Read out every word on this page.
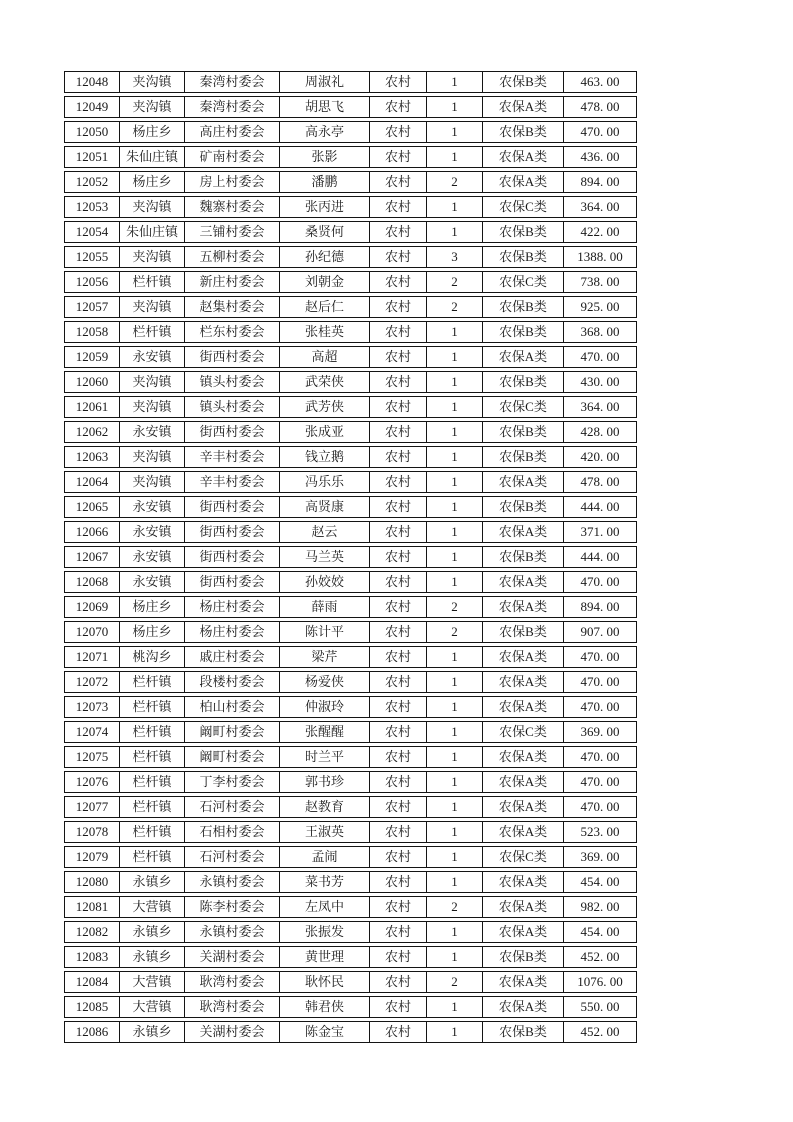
12048	夹沟镇	秦湾村委会	周淑礼	农村	1	农保B类	463. 00
12049	夹沟镇	秦湾村委会	胡思飞	农村	1	农保A类	478. 00
12050	杨庄乡	高庄村委会	高永亭	农村	1	农保B类	470. 00
12051	朱仙庄镇	矿南村委会	张影	农村	1	农保A类	436. 00
12052	杨庄乡	房上村委会	潘鹏	农村	2	农保A类	894. 00
12053	夹沟镇	魏寨村委会	张丙进	农村	1	农保C类	364. 00
12054	朱仙庄镇	三铺村委会	桑贤何	农村	1	农保B类	422. 00
12055	夹沟镇	五柳村委会	孙纪德	农村	3	农保B类	1388. 00
12056	栏杆镇	新庄村委会	刘朝金	农村	2	农保C类	738. 00
12057	夹沟镇	赵集村委会	赵后仁	农村	2	农保B类	925. 00
12058	栏杆镇	栏东村委会	张桂英	农村	1	农保B类	368. 00
12059	永安镇	街西村委会	高超	农村	1	农保A类	470. 00
12060	夹沟镇	镇头村委会	武荣侠	农村	1	农保B类	430. 00
12061	夹沟镇	镇头村委会	武芳侠	农村	1	农保C类	364. 00
12062	永安镇	街西村委会	张成亚	农村	1	农保B类	428. 00
12063	夹沟镇	辛丰村委会	钱立鹅	农村	1	农保B类	420. 00
12064	夹沟镇	辛丰村委会	冯乐乐	农村	1	农保A类	478. 00
12065	永安镇	街西村委会	高贤康	农村	1	农保B类	444. 00
12066	永安镇	街西村委会	赵云	农村	1	农保A类	371. 00
12067	永安镇	街西村委会	马兰英	农村	1	农保B类	444. 00
12068	永安镇	街西村委会	孙姣姣	农村	1	农保A类	470. 00
12069	杨庄乡	杨庄村委会	薛雨	农村	2	农保A类	894. 00
12070	杨庄乡	杨庄村委会	陈计平	农村	2	农保B类	907. 00
12071	桃沟乡	戚庄村委会	梁芹	农村	1	农保A类	470. 00
12072	栏杆镇	段楼村委会	杨爱侠	农村	1	农保A类	470. 00
12073	栏杆镇	柏山村委会	仲淑玲	农村	1	农保A类	470. 00
12074	栏杆镇	阚町村委会	张醒醒	农村	1	农保C类	369. 00
12075	栏杆镇	阚町村委会	时兰平	农村	1	农保A类	470. 00
12076	栏杆镇	丁李村委会	郭书珍	农村	1	农保A类	470. 00
12077	栏杆镇	石河村委会	赵教育	农村	1	农保A类	470. 00
12078	栏杆镇	石相村委会	王淑英	农村	1	农保A类	523. 00
12079	栏杆镇	石河村委会	孟闹	农村	1	农保C类	369. 00
12080	永镇乡	永镇村委会	菜书芳	农村	1	农保A类	454. 00
12081	大营镇	陈李村委会	左凤中	农村	2	农保A类	982. 00
12082	永镇乡	永镇村委会	张振发	农村	1	农保A类	454. 00
12083	永镇乡	关湖村委会	黄世理	农村	1	农保B类	452. 00
12084	大营镇	耿湾村委会	耿怀民	农村	2	农保A类	1076. 00
12085	大营镇	耿湾村委会	韩君侠	农村	1	农保A类	550. 00
12086	永镇乡	关湖村委会	陈金宝	农村	1	农保B类	452. 00
